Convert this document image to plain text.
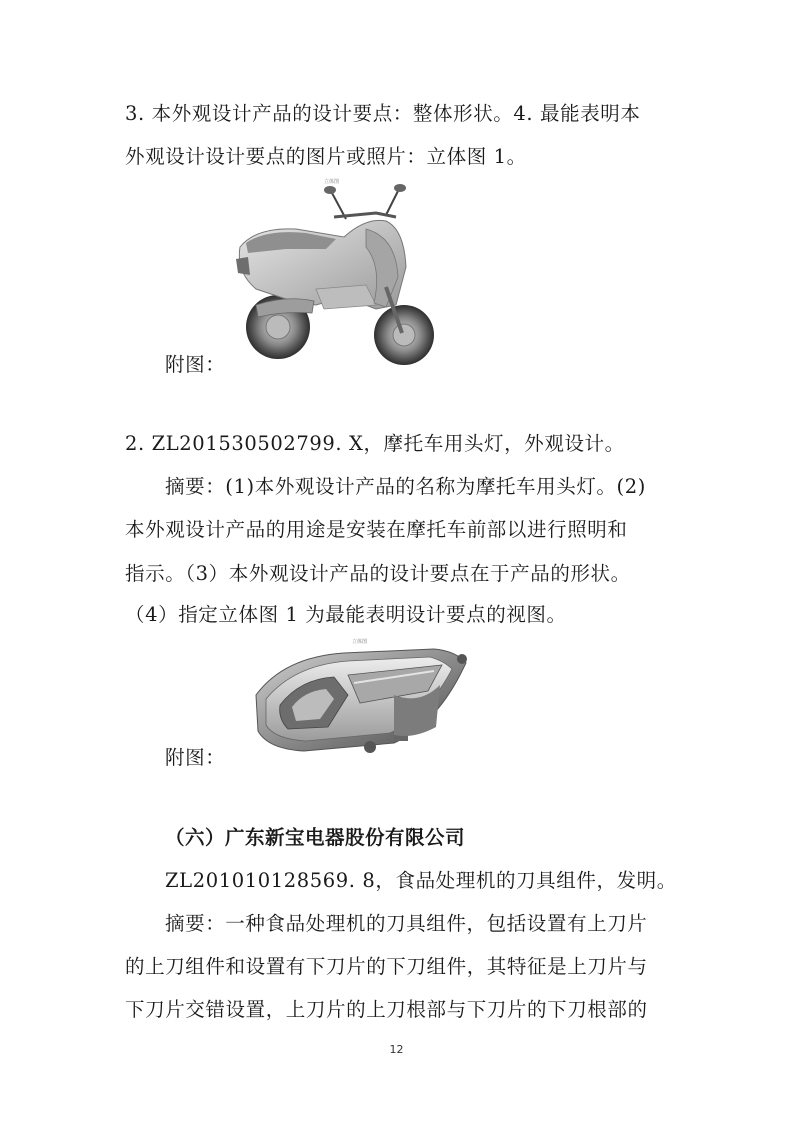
3. 本外观设计产品的设计要点：整体形状。4. 最能表明本
外观设计设计要点的图片或照片：立体图 1。
立体图
附图：
2. ZL201530502799. X，摩托车用头灯，外观设计。
摘要：(1)本外观设计产品的名称为摩托车用头灯。(2)
本外观设计产品的用途是安装在摩托车前部以进行照明和
指示。（3）本外观设计产品的设计要点在于产品的形状。
（4）指定立体图 1 为最能表明设计要点的视图。
立体图
附图：
（六）广东新宝电器股份有限公司
ZL201010128569. 8，食品处理机的刀具组件，发明。
摘要：一种食品处理机的刀具组件，包括设置有上刀片
的上刀组件和设置有下刀片的下刀组件，其特征是上刀片与
下刀片交错设置，上刀片的上刀根部与下刀片的下刀根部的
12
